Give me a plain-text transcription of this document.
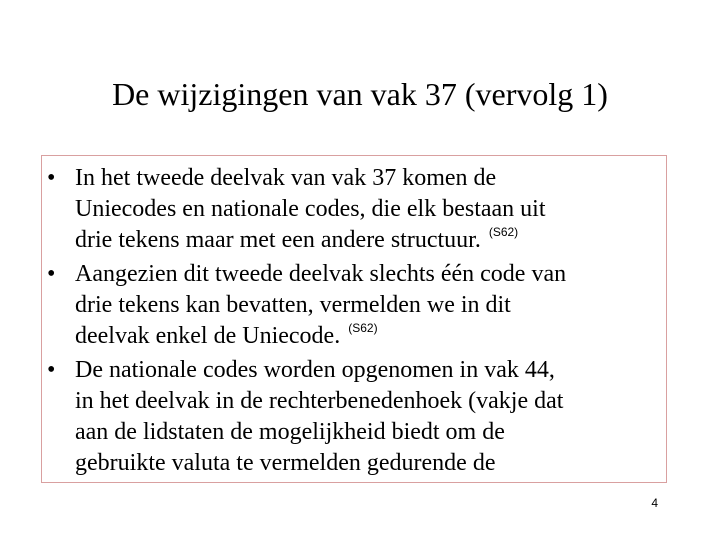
De wijzigingen van vak 37 (vervolg 1)
• In het tweede deelvak van vak 37 komen de
Uniecodes en nationale codes, die elk bestaan uit
drie tekens maar met een andere structuur. $^{(S62)}$
• Aangezien dit tweede deelvak slechts één code van
drie tekens kan bevatten, vermelden we in dit
deelvak enkel de Uniecode. $^{(S62)}$
• De nationale codes worden opgenomen in vak 44,
in het deelvak in de rechterbenedenhoek (vakje dat
aan de lidstaten de mogelijkheid biedt om de
gebruikte valuta te vermelden gedurende de
4
